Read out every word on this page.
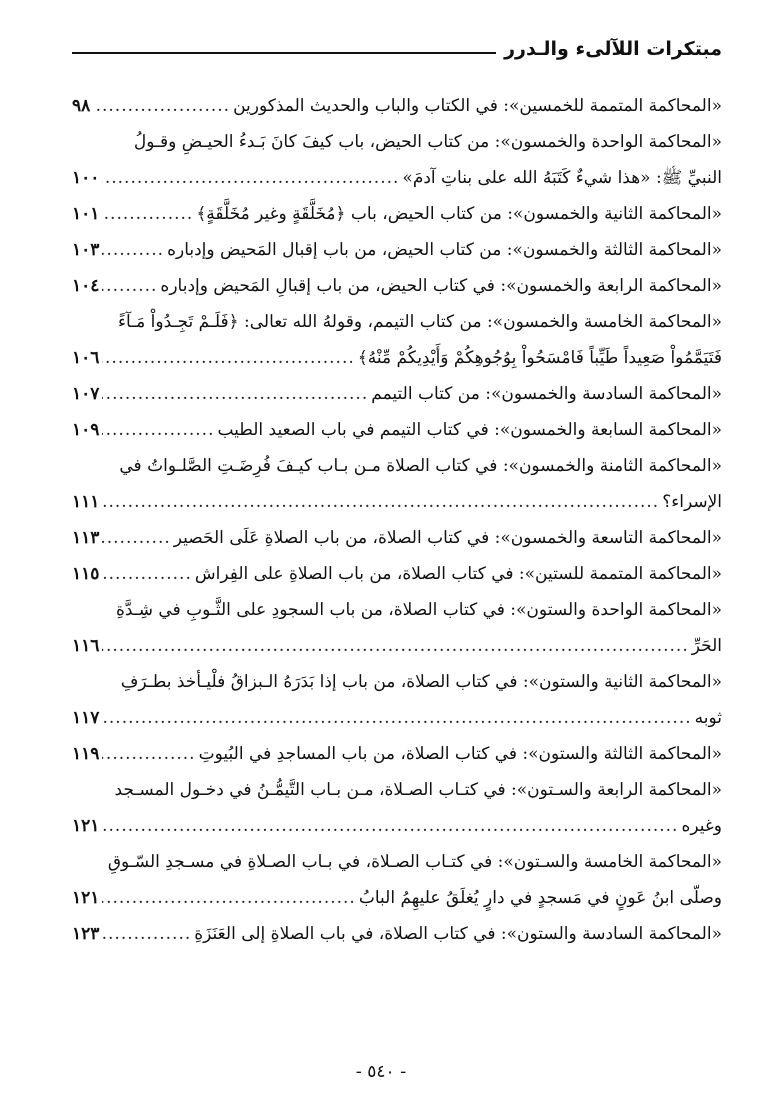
مبتكرات اللآلىء والـدرر
«المحاكمة المتممة للخمسين»: في الكتاب والباب والحديث المذكورين
.....
٩٨
«المحاكمة الواحدة والخمسون»: من كتاب الحيض، باب كيفَ كانَ بَـدءُ الحيـضِ وقـولُ
النبيِّ ﷺ: «هذا شيءٌ كَتَبَهُ الله على بناتِ آدمَ»
.....
١٠٠
«المحاكمة الثانية والخمسون»: من كتاب الحيض، باب ﴿مُخَلَّقَةٍ وغير مُخَلَّقَةٍ﴾
.....
١٠١
«المحاكمة الثالثة والخمسون»: من كتاب الحيض، من باب إقبال المَحيض وإدباره
.....
١٠٣
«المحاكمة الرابعة والخمسون»: في كتاب الحيض، من باب إقبالِ المَحيض وإدباره
.....
١٠٤
«المحاكمة الخامسة والخمسون»: من كتاب التيمم، وقولهُ الله تعالى: ﴿فَلَـمْ تَجِـدُواْ مَـآءً
فَتَيَمَّمُواْ صَعِيداً طَيِّباً فَامْسَحُواْ بِوُجُوهِكُمْ وَأَيْدِيكُمْ مِّنْهُ﴾
.....
١٠٦
«المحاكمة السادسة والخمسون»: من كتاب التيمم
.....
١٠٧
«المحاكمة السابعة والخمسون»: في كتاب التيمم في باب الصعيد الطيب
.....
١٠٩
«المحاكمة الثامنة والخمسون»: في كتاب الصلاة مـن بـاب كيـفَ فُرِضَـتِ الصَّلـواتُ في
الإسراء؟
.....
١١١
«المحاكمة التاسعة والخمسون»: في كتاب الصلاة، من باب الصلاةِ عَلَى الحَصير
.....
١١٣
«المحاكمة المتممة للستين»: في كتاب الصلاة، من باب الصلاةِ على الفِراش
.....
١١٥
«المحاكمة الواحدة والستون»: في كتاب الصلاة، من باب السجودِ على الثَّـوبِ في شِـدَّةِ
الحَرِّ
.....
١١٦
«المحاكمة الثانية والستون»: في كتاب الصلاة، من باب إذا بَدَرَهُ الـبزاقُ فلْيـأخذ بطـرَفِ
ثوبه
.....
١١٧
«المحاكمة الثالثة والستون»: في كتاب الصلاة، من باب المساجدِ في البُيوتِ
.....
١١٩
«المحاكمة الرابعة والسـتون»: في كتـاب الصـلاة، مـن بـاب التَّيمُّـنُ في دخـول المسـجد
وغيره
.....
١٢١
«المحاكمة الخامسة والسـتون»: في كتـاب الصـلاة، في بـاب الصـلاةِ في مسـجدِ السّـوقِ
وصلّى ابنُ عَونٍ في مَسجدٍ في دارٍ يُغلَقُ عليهِمُ البابُ
.....
١٢١
«المحاكمة السادسة والستون»: في كتاب الصلاة، في باب الصلاةِ إلى العَنَزَةِ
.....
١٢٣
- ٥٤٠ -
